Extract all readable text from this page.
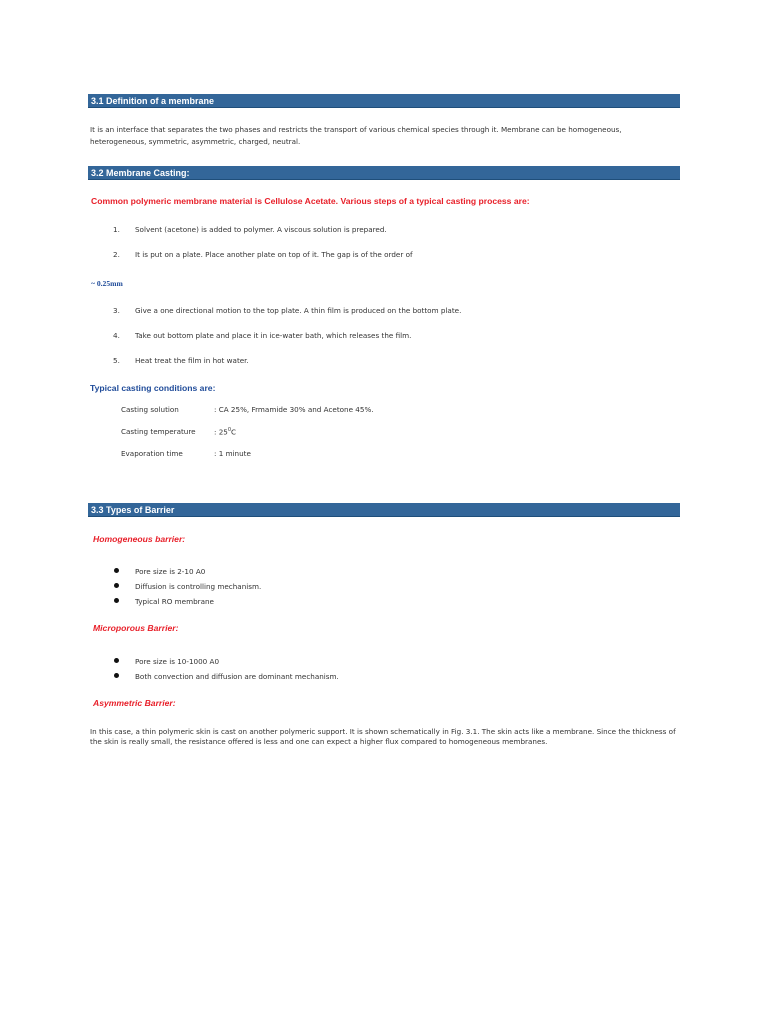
3.1 Definition of a membrane
It is an interface that separates the two phases and restricts the transport of various chemical species through it. Membrane can be homogeneous, heterogeneous, symmetric, asymmetric, charged, neutral.
3.2 Membrane Casting:
Common polymeric membrane material is Cellulose Acetate. Various steps of a typical casting process are:
1. Solvent (acetone) is added to polymer. A viscous solution is prepared.
2. It is put on a plate. Place another plate on top of it. The gap is of the order of
~ 0.25mm
3. Give a one directional motion to the top plate. A thin film is produced on the bottom plate.
4. Take out bottom plate and place it in ice-water bath, which releases the film.
5. Heat treat the film in hot water.
Typical casting conditions are:
Casting solution	: CA 25%, Frmamide 30% and Acetone 45%.
Casting temperature	: $25^0C$
Evaporation time	: 1 minute
3.3 Types of Barrier
Homogeneous barrier:
Pore size is 2-10 A0
Diffusion is controlling mechanism.
Typical RO membrane
Microporous Barrier:
Pore size is 10-1000 A0
Both convection and diffusion are dominant mechanism.
Asymmetric Barrier:
In this case, a thin polymeric skin is cast on another polymeric support. It is shown schematically in Fig. 3.1. The skin acts like a membrane. Since the thickness of the skin is really small, the resistance offered is less and one can expect a higher flux compared to homogeneous membranes.
